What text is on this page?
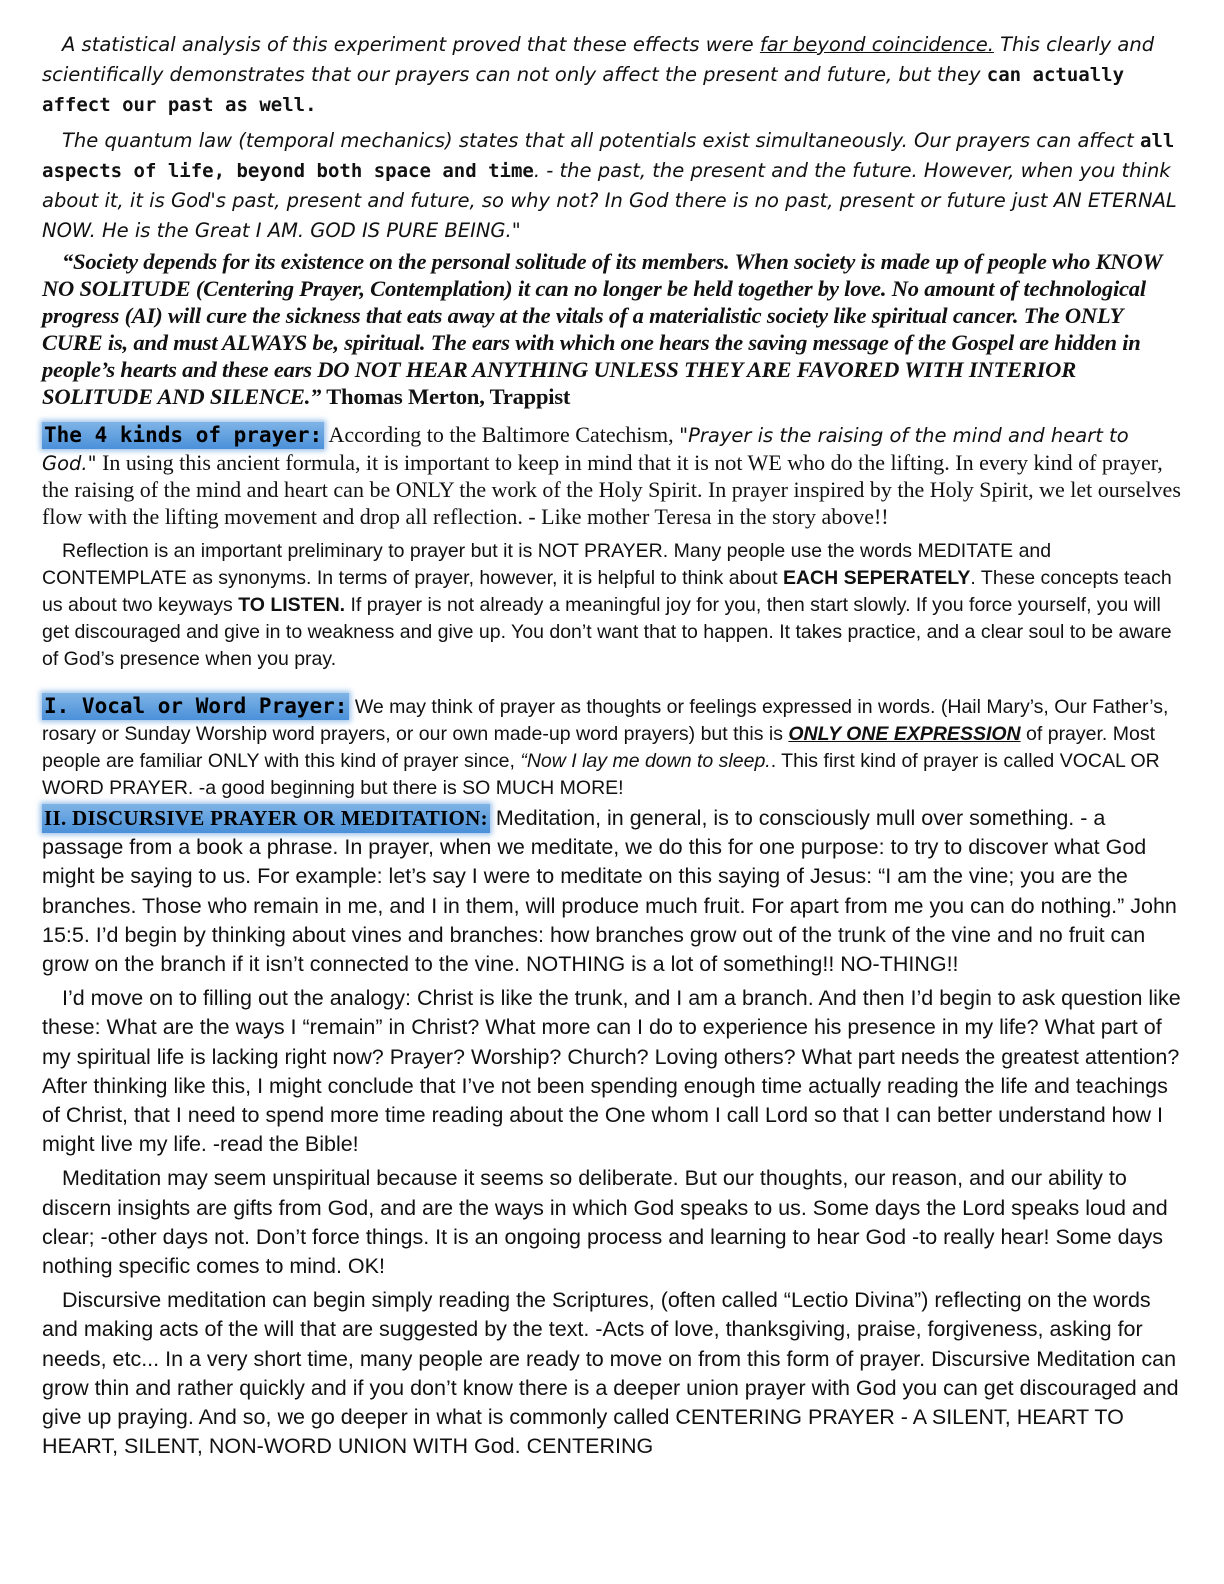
A statistical analysis of this experiment proved that these effects were far beyond coincidence. This clearly and scientifically demonstrates that our prayers can not only affect the present and future, but they can actually affect our past as well.

The quantum law (temporal mechanics) states that all potentials exist simultaneously. Our prayers can affect all aspects of life, beyond both space and time. - the past, the present and the future. However, when you think about it, it is God's past, present and future, so why not? In God there is no past, present or future just AN ETERNAL NOW. He is the Great I AM. GOD IS PURE BEING."

“Society depends for its existence on the personal solitude of its members. When society is made up of people who KNOW NO SOLITUDE (Centering Prayer, Contemplation) it can no longer be held together by love. No amount of technological progress (AI) will cure the sickness that eats away at the vitals of a materialistic society like spiritual cancer. The ONLY CURE is, and must ALWAYS be, spiritual. The ears with which one hears the saving message of the Gospel are hidden in people’s hearts and these ears DO NOT HEAR ANYTHING UNLESS THEY ARE FAVORED WITH INTERIOR SOLITUDE AND SILENCE.” Thomas Merton, Trappist

The 4 kinds of prayer: According to the Baltimore Catechism, "Prayer is the raising of the mind and heart to God." In using this ancient formula, it is important to keep in mind that it is not WE who do the lifting. In every kind of prayer, the raising of the mind and heart can be ONLY the work of the Holy Spirit. In prayer inspired by the Holy Spirit, we let ourselves flow with the lifting movement and drop all reflection. - Like mother Teresa in the story above!!

Reflection is an important preliminary to prayer but it is NOT PRAYER. Many people use the words MEDITATE and CONTEMPLATE as synonyms. In terms of prayer, however, it is helpful to think about EACH SEPERATELY. These concepts teach us about two keyways TO LISTEN. If prayer is not already a meaningful joy for you, then start slowly. If you force yourself, you will get discouraged and give in to weakness and give up. You don’t want that to happen. It takes practice, and a clear soul to be aware of God’s presence when you pray.

I. Vocal or Word Prayer: We may think of prayer as thoughts or feelings expressed in words. (Hail Mary’s, Our Father’s, rosary or Sunday Worship word prayers, or our own made-up word prayers) but this is ONLY ONE EXPRESSION of prayer. Most people are familiar ONLY with this kind of prayer since, “Now I lay me down to sleep.. This first kind of prayer is called VOCAL OR WORD PRAYER. -a good beginning but there is SO MUCH MORE!

II. DISCURSIVE PRAYER OR MEDITATION: Meditation, in general, is to consciously mull over something. - a passage from a book a phrase. In prayer, when we meditate, we do this for one purpose: to try to discover what God might be saying to us. For example: let’s say I were to meditate on this saying of Jesus: “I am the vine; you are the branches. Those who remain in me, and I in them, will produce much fruit. For apart from me you can do nothing.” John 15:5. I’d begin by thinking about vines and branches: how branches grow out of the trunk of the vine and no fruit can grow on the branch if it isn’t connected to the vine. NOTHING is a lot of something!! NO-THING!!

I’d move on to filling out the analogy: Christ is like the trunk, and I am a branch. And then I’d begin to ask question like these: What are the ways I “remain” in Christ? What more can I do to experience his presence in my life? What part of my spiritual life is lacking right now? Prayer? Worship? Church? Loving others? What part needs the greatest attention? After thinking like this, I might conclude that I’ve not been spending enough time actually reading the life and teachings of Christ, that I need to spend more time reading about the One whom I call Lord so that I can better understand how I might live my life. -read the Bible!

Meditation may seem unspiritual because it seems so deliberate. But our thoughts, our reason, and our ability to discern insights are gifts from God, and are the ways in which God speaks to us. Some days the Lord speaks loud and clear; -other days not. Don’t force things. It is an ongoing process and learning to hear God -to really hear! Some days nothing specific comes to mind. OK!

Discursive meditation can begin simply reading the Scriptures, (often called “Lectio Divina”) reflecting on the words and making acts of the will that are suggested by the text. -Acts of love, thanksgiving, praise, forgiveness, asking for needs, etc... In a very short time, many people are ready to move on from this form of prayer. Discursive Meditation can grow thin and rather quickly and if you don’t know there is a deeper union prayer with God you can get discouraged and give up praying. And so, we go deeper in what is commonly called CENTERING PRAYER - A SILENT, HEART TO HEART, SILENT, NON-WORD UNION WITH God. CENTERING
